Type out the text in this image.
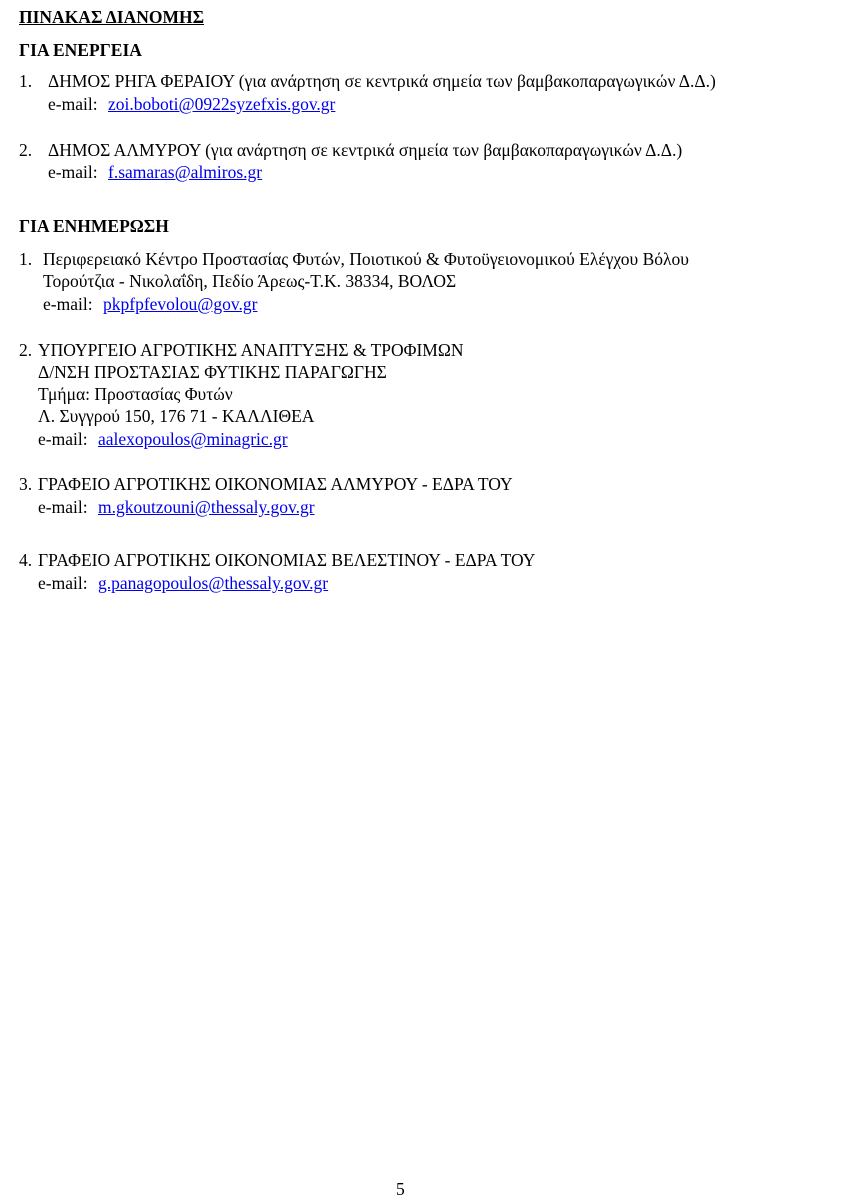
ΠΙΝΑΚΑΣ ΔΙΑΝΟΜΗΣ
ΓΙΑ ΕΝΕΡΓΕΙΑ
1. ΔΗΜΟΣ ΡΗΓΑ ΦΕΡΑΙΟΥ (για ανάρτηση σε κεντρικά σημεία των βαμβακοπαραγωγικών Δ.Δ.)
e-mail: zoi.boboti@0922syzefxis.gov.gr
2. ΔΗΜΟΣ ΑΛΜΥΡΟΥ (για ανάρτηση σε κεντρικά σημεία των βαμβακοπαραγωγικών Δ.Δ.)
e-mail: f.samaras@almiros.gr
ΓΙΑ ΕΝΗΜΕΡΩΣΗ
1. Περιφερειακό Κέντρο Προστασίας Φυτών, Ποιοτικού & Φυτοϋγειονομικού Ελέγχου Βόλου
Τορούτζια - Νικολαΐδη, Πεδίο Άρεως-Τ.Κ. 38334, ΒΟΛΟΣ
e-mail: pkpfpfevolou@gov.gr
2. ΥΠΟΥΡΓΕΙΟ ΑΓΡΟΤΙΚΗΣ ΑΝΑΠΤΥΞΗΣ & ΤΡΟΦΙΜΩΝ
Δ/ΝΣΗ ΠΡΟΣΤΑΣΙΑΣ ΦΥΤΙΚΗΣ ΠΑΡΑΓΩΓΗΣ
Τμήμα: Προστασίας Φυτών
Λ. Συγγρού 150, 176 71 - ΚΑΛΛΙΘΕΑ
e-mail: aalexopoulos@minagric.gr
3. ΓΡΑΦΕΙΟ ΑΓΡΟΤΙΚΗΣ ΟΙΚΟΝΟΜΙΑΣ ΑΛΜΥΡΟΥ - ΕΔΡΑ ΤΟΥ
e-mail: m.gkoutzouni@thessaly.gov.gr
4. ΓΡΑΦΕΙΟ ΑΓΡΟΤΙΚΗΣ ΟΙΚΟΝΟΜΙΑΣ ΒΕΛΕΣΤΙΝΟΥ - ΕΔΡΑ ΤΟΥ
e-mail: g.panagopoulos@thessaly.gov.gr
5
